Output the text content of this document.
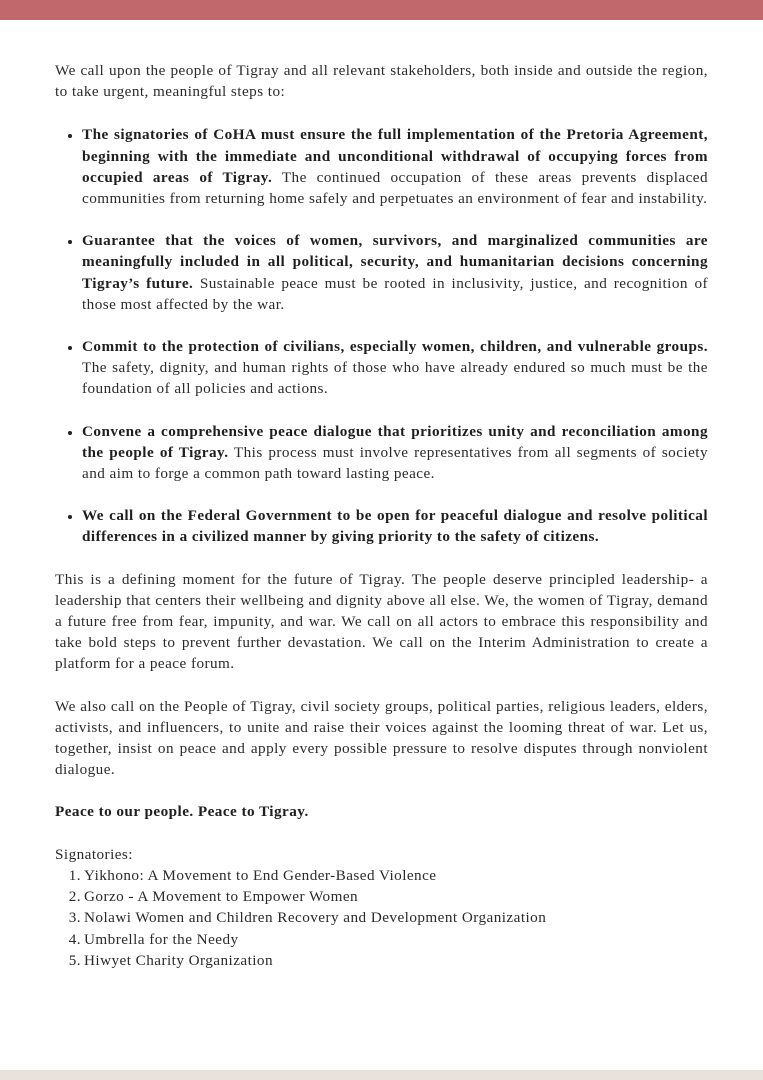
We call upon the people of Tigray and all relevant stakeholders, both inside and outside the region, to take urgent, meaningful steps to:

The signatories of CoHA must ensure the full implementation of the Pretoria Agreement, beginning with the immediate and unconditional withdrawal of occupying forces from occupied areas of Tigray. The continued occupation of these areas prevents displaced communities from returning home safely and perpetuates an environment of fear and instability.
Guarantee that the voices of women, survivors, and marginalized communities are meaningfully included in all political, security, and humanitarian decisions concerning Tigray’s future. Sustainable peace must be rooted in inclusivity, justice, and recognition of those most affected by the war.
Commit to the protection of civilians, especially women, children, and vulnerable groups. The safety, dignity, and human rights of those who have already endured so much must be the foundation of all policies and actions.
Convene a comprehensive peace dialogue that prioritizes unity and reconciliation among the people of Tigray. This process must involve representatives from all segments of society and aim to forge a common path toward lasting peace.
We call on the Federal Government to be open for peaceful dialogue and resolve political differences in a civilized manner by giving priority to the safety of citizens.

This is a defining moment for the future of Tigray. The people deserve principled leadership- a leadership that centers their wellbeing and dignity above all else. We, the women of Tigray, demand a future free from fear, impunity, and war. We call on all actors to embrace this responsibility and take bold steps to prevent further devastation. We call on the Interim Administration to create a platform for a peace forum.

We also call on the People of Tigray, civil society groups, political parties, religious leaders, elders, activists, and influencers, to unite and raise their voices against the looming threat of war. Let us, together, insist on peace and apply every possible pressure to resolve disputes through nonviolent dialogue.

Peace to our people. Peace to Tigray.

Signatories:

1. Yikhono: A Movement to End Gender-Based Violence
2. Gorzo - A Movement to Empower Women
3. Nolawi Women and Children Recovery and Development Organization
4. Umbrella for the Needy
5. Hiwyet Charity Organization
